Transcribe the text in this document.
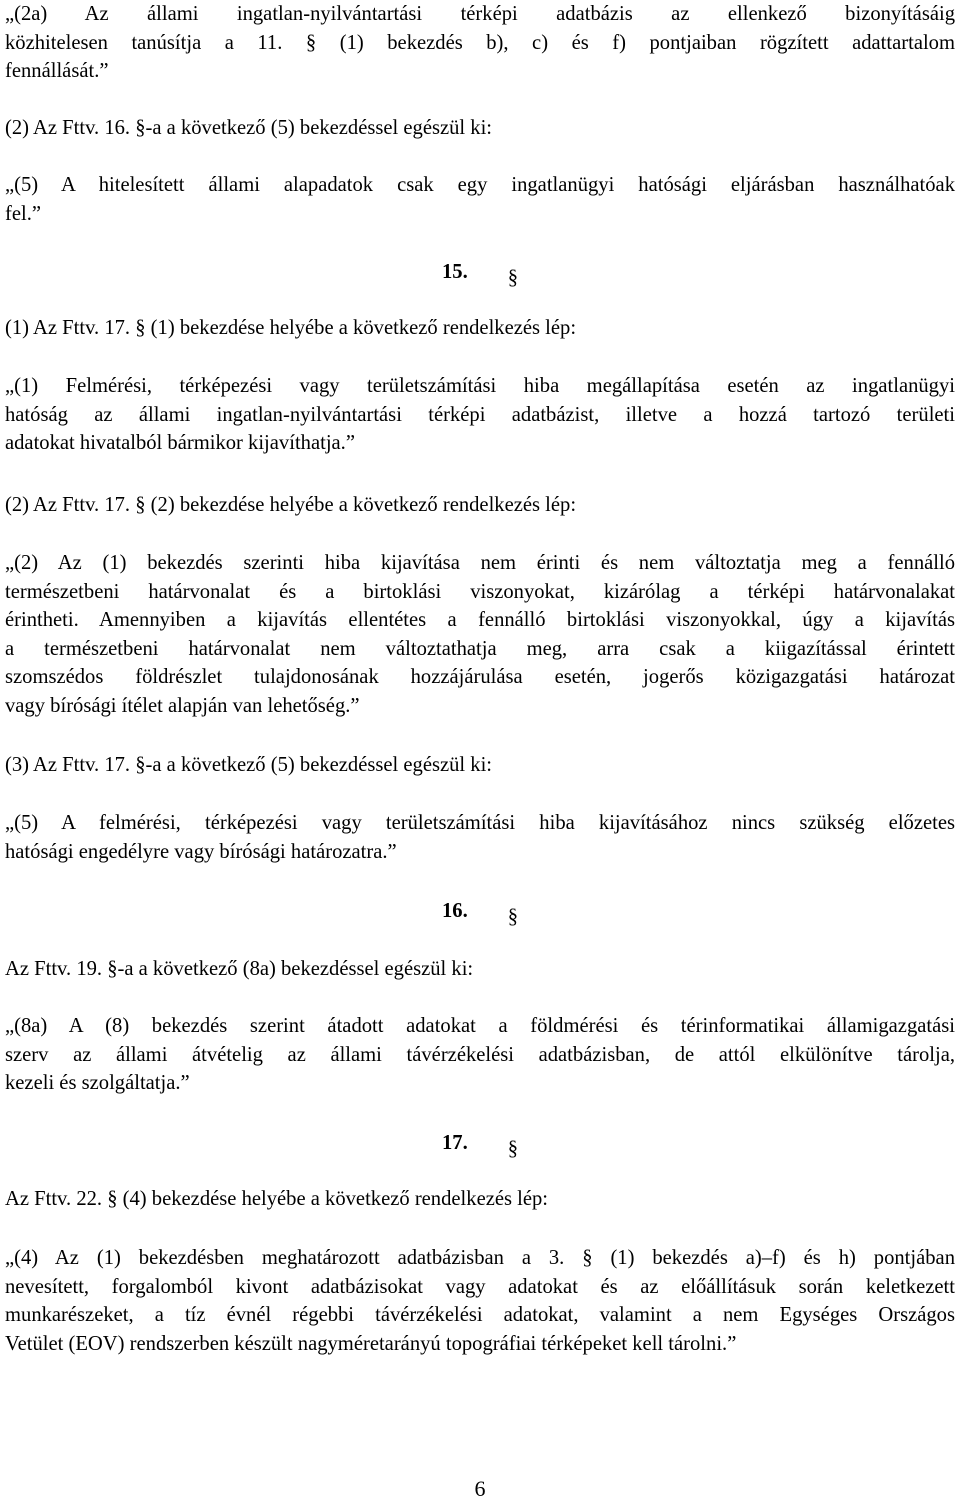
„(2a) Az állami ingatlan-nyilvántartási térképi adatbázis az ellenkező bizonyításáig
közhitelesen tanúsítja a 11. § (1) bekezdés b), c) és f) pontjaiban rögzített adattartalom
fennállását.”
(2) Az Fttv. 16. §-a a következő (5) bekezdéssel egészül ki:
„(5) A hitelesített állami alapadatok csak egy ingatlanügyi hatósági eljárásban használhatóak
fel.”
15. §
(1) Az Fttv. 17. § (1) bekezdése helyébe a következő rendelkezés lép:
„(1) Felmérési, térképezési vagy területszámítási hiba megállapítása esetén az ingatlanügyi
hatóság az állami ingatlan-nyilvántartási térképi adatbázist, illetve a hozzá tartozó területi
adatokat hivatalból bármikor kijavíthatja.”
(2) Az Fttv. 17. § (2) bekezdése helyébe a következő rendelkezés lép:
„(2) Az (1) bekezdés szerinti hiba kijavítása nem érinti és nem változtatja meg a fennálló
természetbeni határvonalat és a birtoklási viszonyokat, kizárólag a térképi határvonalakat
érintheti. Amennyiben a kijavítás ellentétes a fennálló birtoklási viszonyokkal, úgy a kijavítás
a természetbeni határvonalat nem változtathatja meg, arra csak a kiigazítással érintett
szomszédos földrészlet tulajdonosának hozzájárulása esetén, jogerős közigazgatási határozat
vagy bírósági ítélet alapján van lehetőség.”
(3) Az Fttv. 17. §-a a következő (5) bekezdéssel egészül ki:
„(5) A felmérési, térképezési vagy területszámítási hiba kijavításához nincs szükség előzetes
hatósági engedélyre vagy bírósági határozatra.”
16. §
Az Fttv. 19. §-a a következő (8a) bekezdéssel egészül ki:
„(8a) A (8) bekezdés szerint átadott adatokat a földmérési és térinformatikai államigazgatási
szerv az állami átvételig az állami távérzékelési adatbázisban, de attól elkülönítve tárolja,
kezeli és szolgáltatja.”
17. §
Az Fttv. 22. § (4) bekezdése helyébe a következő rendelkezés lép:
„(4) Az (1) bekezdésben meghatározott adatbázisban a 3. § (1) bekezdés a)–f) és h) pontjában
nevesített, forgalomból kivont adatbázisokat vagy adatokat és az előállításuk során keletkezett
munkarészeket, a tíz évnél régebbi távérzékelési adatokat, valamint a nem Egységes Országos
Vetület (EOV) rendszerben készült nagyméretarányú topográfiai térképeket kell tárolni.”
6
